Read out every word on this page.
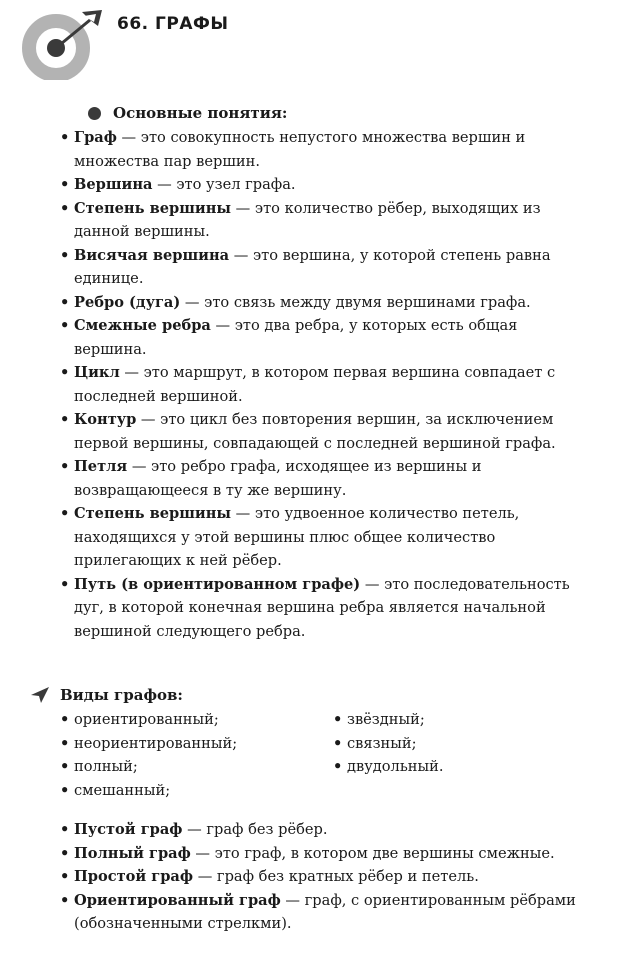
66. ГРАФЫ
Основные понятия:
• Граф — это совокупность непустого множества вершин и множества пар вершин.
• Вершина — это узел графа.
• Степень вершины — это количество рёбер, выходящих из данной вершины.
• Висячая вершина — это вершина, у которой степень равна единице.
• Ребро (дуга) — это связь между двумя вершинами графа.
• Смежные ребра — это два ребра, у которых есть общая вершина.
• Цикл — это маршрут, в котором первая вершина совпадает с последней вершиной.
• Контур — это цикл без повторения вершин, за исключением первой вершины, совпадающей с последней вершиной графа.
• Петля — это ребро графа, исходящее из вершины и возвращающееся в ту же вершину.
• Степень вершины — это удвоенное количество петель, находящихся у этой вершины плюс общее количество прилегающих к ней рёбер.
• Путь (в ориентированном графе) — это последовательность дуг, в которой конечная вершина ребра является начальной вершиной следующего ребра.
Виды графов:
• ориентированный;
• неориентированный;
• полный;
• смешанный;
• звёздный;
• связный;
• двудольный.
• Пустой граф — граф без рёбер.
• Полный граф — это граф, в котором две вершины смежные.
• Простой граф — граф без кратных рёбер и петель.
• Ориентированный граф — граф, с ориентированным рёбрами (обозначенными стрелкми).
